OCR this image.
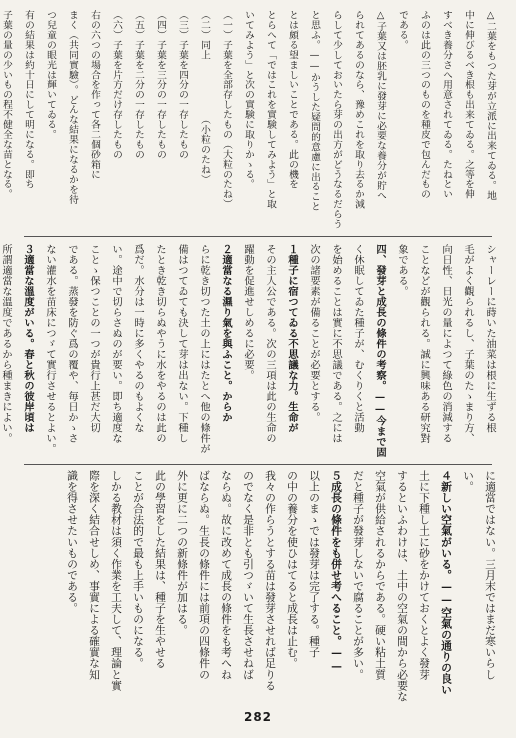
△二葉をもつた芽が立派に出来てゐる。地
中に伸びるべき根も出来てゐる。之等を伸
すべき養分さへ用意されてゐる。たねとい
ふのは此の三つのものを種皮で包んだもの
である。
△子葉又は胚乳に發芽に必要な養分が貯へ
られてあるのなら、豫めこれを取り去るか減
らして少しておいたら芽の出方がどうなるだらう
と思ふ。——かうした疑問的意慮に出ること
とは頗る望ましいことである。此の機を
とらへて「ではこれを實験してみよう」と取
いてみよう」と次の實験に取りかゝる。
（一）子葉を全部存したもの（大粒のたね）
（二）同上　　　　　　（小粒のたね）
（三）子葉を四分の一存したもの
（四）子葉を三分の一存したもの
（五）子葉を二分の一存したもの
（六）子葉を片方だけ存したもの
右の六つの場合を作って各二個砂箱に
まく（共同實驗）。どんな結果になるかを待
つ兒童の眼光は輝いてゐる。
有の結果は約十日にして明になる。即ち
子葉の量の少いもの程不健全な苗となる。
シャーレーに蒔いた油菜は根に生ずる根
毛がよく觀られるし、子葉のたゝまり方、
向日性、日光の量によつて綠色の消減する
ことなどが觀られる。誠に興味ある研究對
象である。
四、發芽と成長の條件の考察。——今まで固
く休眠してゐた種子が、むくりくと活動
を始めることは實に不思議である。之には
次の諸要素が備ることが必要とする。
１種子に宿つてゐる不思議な力。生命が
その主人公である。次の三項は此の生命の
躍動を促進せしめるに必要。
２適當なる濕り氣を與ふこと。からか
らに乾き切つた土の上にはたとへ他の條件が
備はつてゐても決して芽は出ない。下種し
たとき乾き切らぬやうに水をやるのは此の
爲だ。水分は一時に多くやるのもよくな
い。途中で切らさぬのが要い。即ち適度な
ことゝ保つことの一つが貴行上甚だ大切
である。蒸發を防ぐ爲の覆や、毎日かゝさ
ない灌水を苗床につゞて實行させるとよい。
３適當な溫度がいる。春と秋の彼岸頃は
所謂適當な溫度であるから種まきによい。
に適當ではない。三月末ではまだ寒いらし
い。
４新しい空氣がいる。——空氣の通りの良い
土に下種し土に砂をかけておくとよく發芽
するといふわけは、土中の空氣の間から必要な
空氣が供給されるからである。硬い粘土質
だと種子が發芽しないで腐ることが多い。
５成長の條件をも併せ考へること。——
以上のまゝでは發芽は完了する。種子
の中の養分を使ひはてると成長は止む。
我々の作らうとする苗は發芽させれば足りる
のでなく是非とも引つゞいて生長させねば
ならぬ。故に改めて成長の條件をも考へね
ばならぬ。生長の條件には前項の四條件の
外に更に二つの新條件が加はる。
此の學習をした結果は、種子を生やせる
ことが合法的で最も上手いものになる。
しかる教材は須く作業を工夫して、理論と實
際を深く結合せしめ、事實による確實な知
識を得させたいものである。
282
